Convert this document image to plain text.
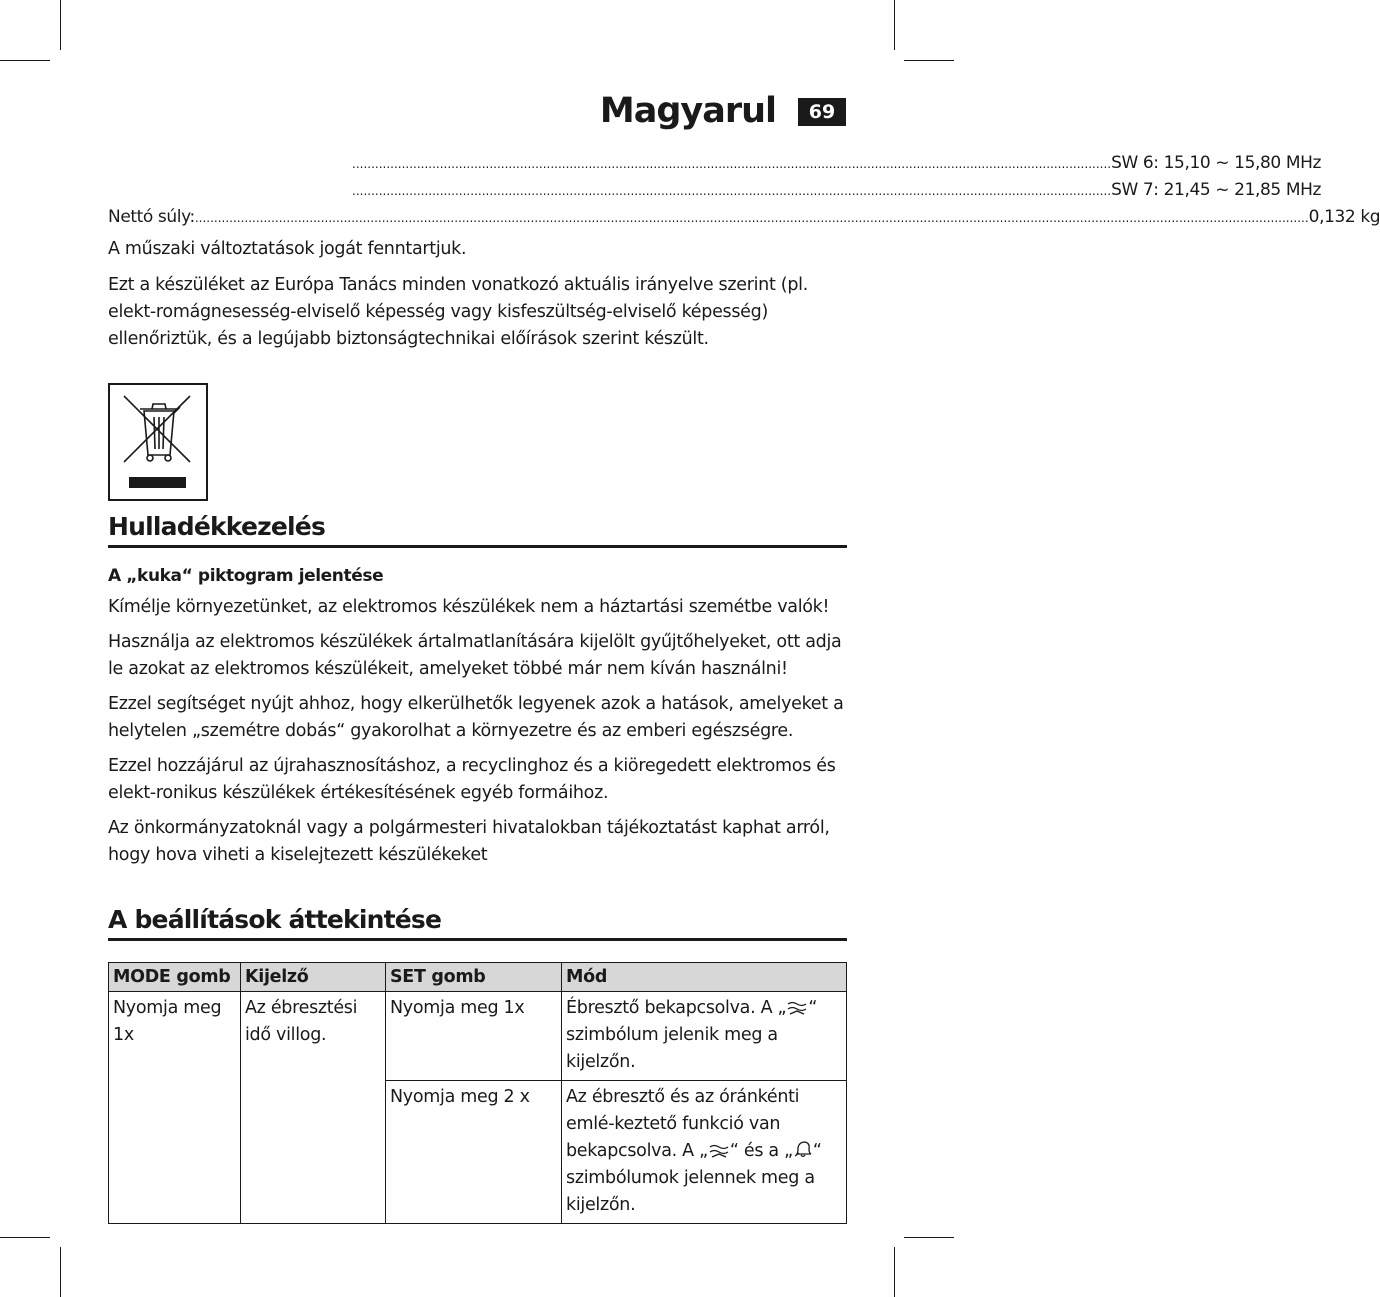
Magyarul	69
....................................................................................................................................................................................................... SW 6: 15,10 ~ 15,80 MHz
....................................................................................................................................................................................................... SW 7: 21,45 ~ 21,85 MHz
Nettó súly: .................................................................................................................................................................................................................................................................................................... 0,132 kg

A műszaki változtatások jogát fenntartjuk.

Ezt a készüléket az Európa Tanács minden vonatkozó aktuális irányelve szerint (pl. elekt-romágnesesség-elviselő képesség vagy kisfeszültség-elviselő képesség) ellenőriztük, és a legújabb biztonságtechnikai előírások szerint készült.

Hulladékkezelés
A „kuka“ piktogram jelentése

Kímélje környezetünket, az elektromos készülékek nem a háztartási szemétbe valók!

Használja az elektromos készülékek ártalmatlanítására kijelölt gyűjtőhelyeket, ott adja le azokat az elektromos készülékeit, amelyeket többé már nem kíván használni!

Ezzel segítséget nyújt ahhoz, hogy elkerülhetők legyenek azok a hatások, amelyeket a helytelen „szemétre dobás“ gyakorolhat a környezetre és az emberi egészségre.

Ezzel hozzájárul az újrahasznosításhoz, a recyclinghoz és a kiöregedett elektromos és elekt-ronikus készülékek értékesítésének egyéb formáihoz.

Az önkormányzatoknál vagy a polgármesteri hivatalokban tájékoztatást kaphat arról, hogy hova viheti a kiselejtezett készülékeket

A beállítások áttekintése
MODE gomb	Kijelző	SET gomb	Mód
Nyomja meg 1x	Az ébresztési idő villog.	Nyomja meg 1x	Ébresztő bekapcsolva. A „ “ szimbólum jelenik meg a kijelzőn.
		Nyomja meg 2 x	Az ébresztő és az óránkénti emlé-keztető funkció van bekapcsolva. A „ “ és a „ “ szimbólumok jelennek meg a kijelzőn.
